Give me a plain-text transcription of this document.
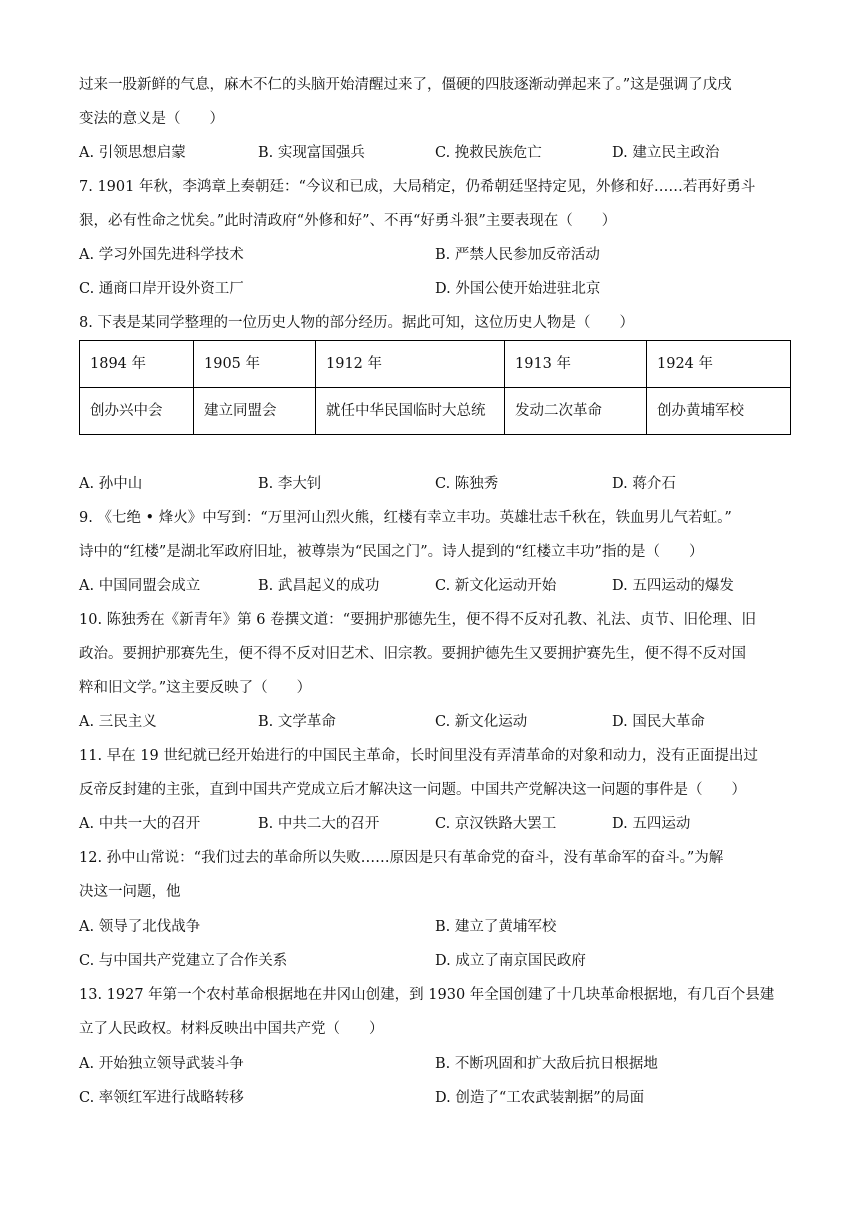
过来一股新鲜的气息，麻木不仁的头脑开始清醒过来了，僵硬的四肢逐渐动弹起来了。”这是强调了戊戌
变法的意义是（　　）
A. 引领思想启蒙	B. 实现富国强兵	C. 挽救民族危亡	D. 建立民主政治
7. 1901 年秋，李鸿章上奏朝廷：“今议和已成，大局稍定，仍希朝廷坚持定见，外修和好……若再好勇斗
狠，必有性命之忧矣。”此时清政府“外修和好”、不再“好勇斗狠”主要表现在（　　）
A. 学习外国先进科学技术	B. 严禁人民参加反帝活动
C. 通商口岸开设外资工厂	D. 外国公使开始进驻北京
8. 下表是某同学整理的一位历史人物的部分经历。据此可知，这位历史人物是（　　）
1894 年	1905 年	1912 年	1913 年	1924 年
创办兴中会	建立同盟会	就任中华民国临时大总统	发动二次革命	创办黄埔军校
A. 孙中山	B. 李大钊	C. 陈独秀	D. 蒋介石
9. 《七绝 • 烽火》中写到：“万里河山烈火熊，红楼有幸立丰功。英雄壮志千秋在，铁血男儿气若虹。”
诗中的“红楼”是湖北军政府旧址，被尊崇为“民国之门”。诗人提到的“红楼立丰功”指的是（　　）
A. 中国同盟会成立	B. 武昌起义的成功	C. 新文化运动开始	D. 五四运动的爆发
10. 陈独秀在《新青年》第 6 卷撰文道：“要拥护那德先生，便不得不反对孔教、礼法、贞节、旧伦理、旧
政治。要拥护那赛先生，便不得不反对旧艺术、旧宗教。要拥护德先生又要拥护赛先生，便不得不反对国
粹和旧文学。”这主要反映了（　　）
A. 三民主义	B. 文学革命	C. 新文化运动	D. 国民大革命
11. 早在 19 世纪就已经开始进行的中国民主革命，长时间里没有弄清革命的对象和动力，没有正面提出过
反帝反封建的主张，直到中国共产党成立后才解决这一问题。中国共产党解决这一问题的事件是（　　）
A. 中共一大的召开	B. 中共二大的召开	C. 京汉铁路大罢工	D. 五四运动
12. 孙中山常说：“我们过去的革命所以失败……原因是只有革命党的奋斗，没有革命军的奋斗。”为解
决这一问题，他
A. 领导了北伐战争	B. 建立了黄埔军校
C. 与中国共产党建立了合作关系	D. 成立了南京国民政府
13. 1927 年第一个农村革命根据地在井冈山创建，到 1930 年全国创建了十几块革命根据地，有几百个县建
立了人民政权。材料反映出中国共产党（　　）
A. 开始独立领导武装斗争	B. 不断巩固和扩大敌后抗日根据地
C. 率领红军进行战略转移	D. 创造了“工农武装割据”的局面
